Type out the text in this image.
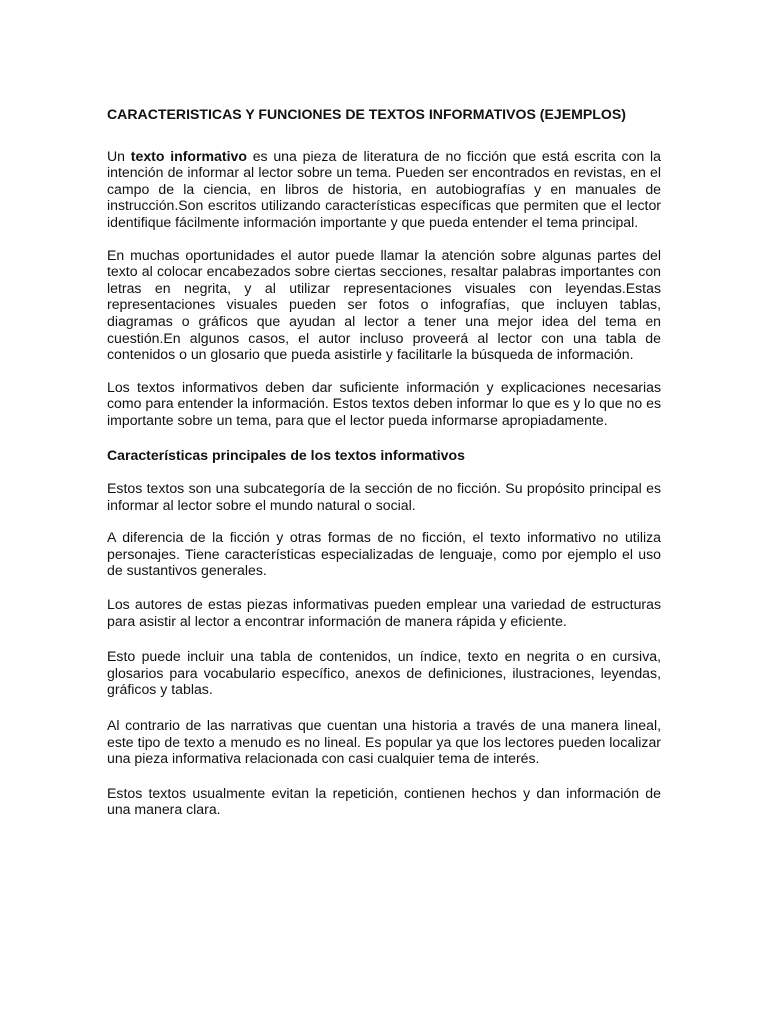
CARACTERISTICAS Y FUNCIONES DE TEXTOS INFORMATIVOS (EJEMPLOS)

Un texto informativo es una pieza de literatura de no ficción que está escrita con la intención de informar al lector sobre un tema. Pueden ser encontrados en revistas, en el campo de la ciencia, en libros de historia, en autobiografías y en manuales de instrucción.Son escritos utilizando características específicas que permiten que el lector identifique fácilmente información importante y que pueda entender el tema principal.

En muchas oportunidades el autor puede llamar la atención sobre algunas partes del texto al colocar encabezados sobre ciertas secciones, resaltar palabras importantes con letras en negrita, y al utilizar representaciones visuales con leyendas.Estas representaciones visuales pueden ser fotos o infografías, que incluyen tablas, diagramas o gráficos que ayudan al lector a tener una mejor idea del tema en cuestión.En algunos casos, el autor incluso proveerá al lector con una tabla de contenidos o un glosario que pueda asistirle y facilitarle la búsqueda de información.

Los textos informativos deben dar suficiente información y explicaciones necesarias como para entender la información. Estos textos deben informar lo que es y lo que no es importante sobre un tema, para que el lector pueda informarse apropiadamente.

Características principales de los textos informativos

Estos textos son una subcategoría de la sección de no ficción. Su propósito principal es informar al lector sobre el mundo natural o social.

A diferencia de la ficción y otras formas de no ficción, el texto informativo no utiliza personajes. Tiene características especializadas de lenguaje, como por ejemplo el uso de sustantivos generales.

Los autores de estas piezas informativas pueden emplear una variedad de estructuras para asistir al lector a encontrar información de manera rápida y eficiente.

Esto puede incluir una tabla de contenidos, un índice, texto en negrita o en cursiva, glosarios para vocabulario específico, anexos de definiciones, ilustraciones, leyendas, gráficos y tablas.

Al contrario de las narrativas que cuentan una historia a través de una manera lineal, este tipo de texto a menudo es no lineal. Es popular ya que los lectores pueden localizar una pieza informativa relacionada con casi cualquier tema de interés.

Estos textos usualmente evitan la repetición, contienen hechos y dan información de una manera clara.
